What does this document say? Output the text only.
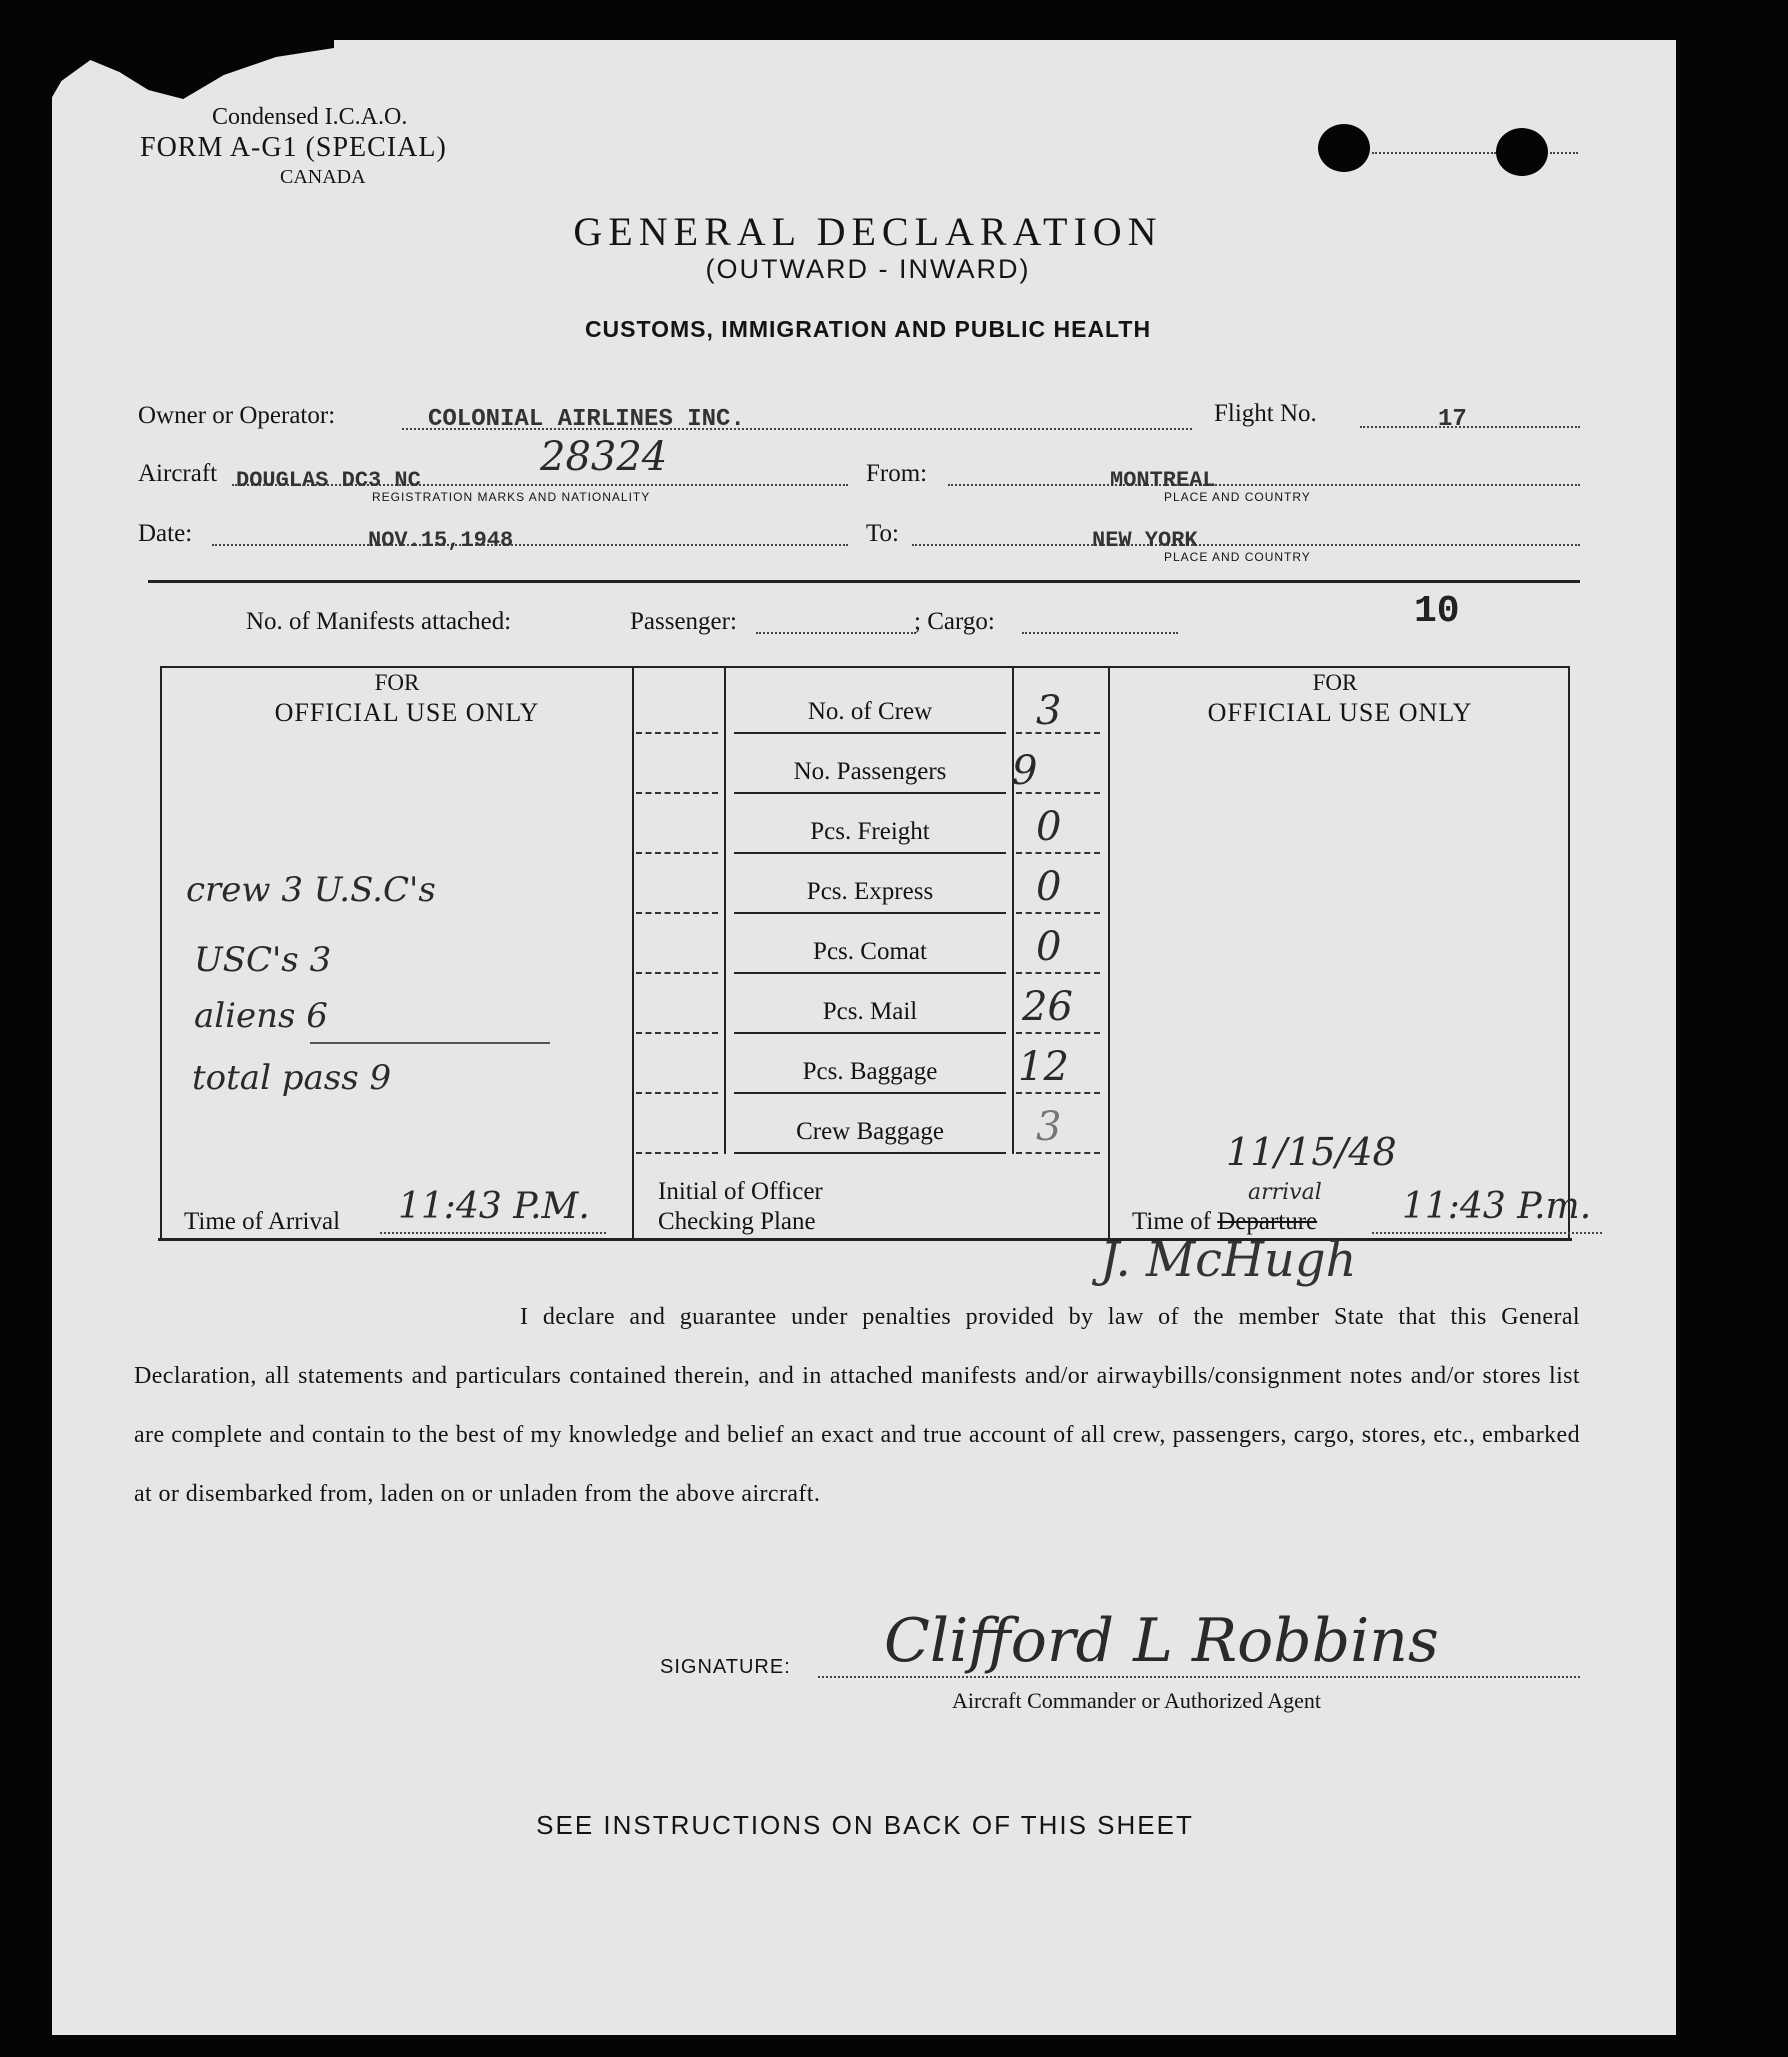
Condensed I.C.A.O.
FORM A-G1 (SPECIAL)
CANADA
GENERAL DECLARATION
(OUTWARD - INWARD)
CUSTOMS, IMMIGRATION AND PUBLIC HEALTH
Owner or Operator:	COLONIAL AIRLINES INC.	Flight No.	17
Aircraft DOUGLAS DC3 NC
28324
REGISTRATION MARKS AND NATIONALITY
From:	MONTREAL
PLACE AND COUNTRY
Date:	NOV.15,1948	To:	NEW YORK
PLACE AND COUNTRY
No. of Manifests attached:	Passenger:	; Cargo:	10
FOR
OFFICIAL USE ONLY
FOR
OFFICIAL USE ONLY
No. of Crew	3
No. Passengers	9
Pcs. Freight	0
Pcs. Express	0
Pcs. Comat	0
Pcs. Mail	26
Pcs. Baggage	12
Crew Baggage	3
crew 3 U.S.C's
USC's 3
aliens 6
total pass 9
Time of Arrival 11:43 P.M.	Initial of Officer
Checking Plane
11/15/48
arrival
Time of Departure 11:43 P.m.
J. McHugh
I declare and guarantee under penalties provided by law of the member State that this General Declaration, all statements and particulars contained therein, and in attached manifests and/or airwaybills/consignment notes and/or stores list are complete and contain to the best of my knowledge and belief an exact and true account of all crew, passengers, cargo, stores, etc., embarked at or disembarked from, laden on or unladen from the above aircraft.
SIGNATURE: Clifford L Robbins
Aircraft Commander or Authorized Agent
SEE INSTRUCTIONS ON BACK OF THIS SHEET
